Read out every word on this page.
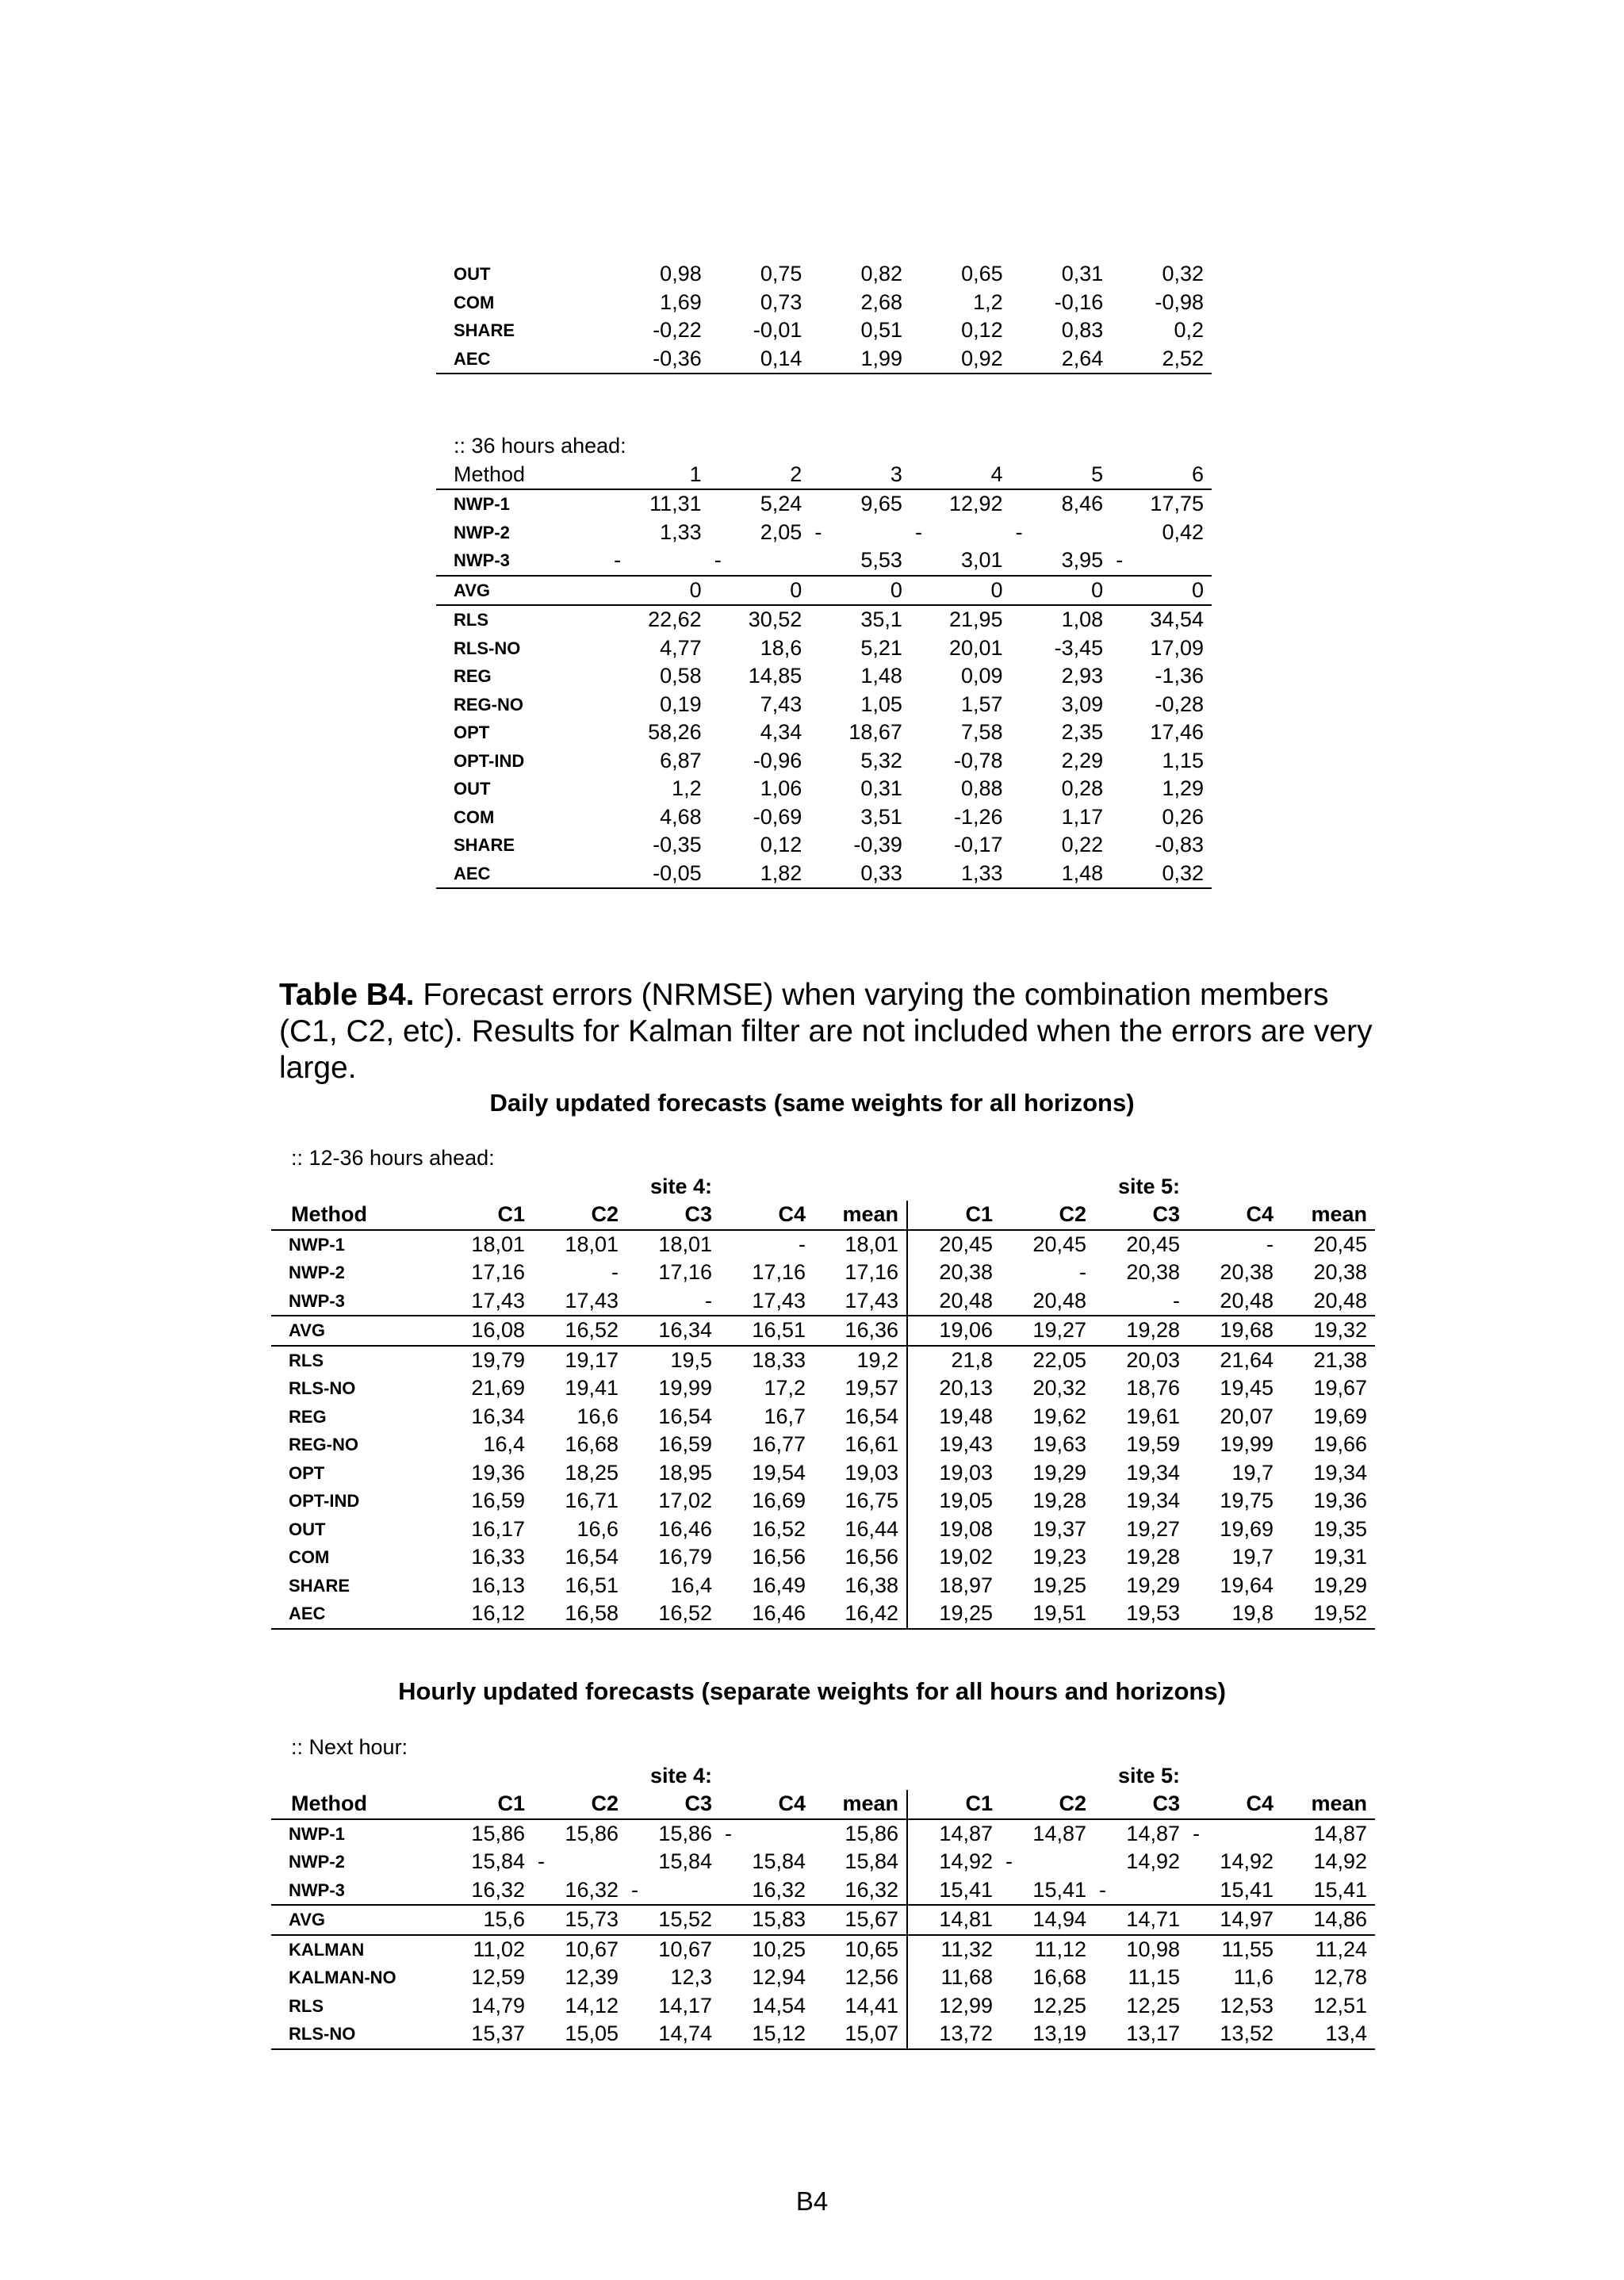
OUT	0,98	0,75	0,82	0,65	0,31	0,32
COM	1,69	0,73	2,68	1,2	-0,16	-0,98
SHARE	-0,22	-0,01	0,51	0,12	0,83	0,2
AEC	-0,36	0,14	1,99	0,92	2,64	2,52
:: 36 hours ahead:						
Method	1	2	3	4	5	6
NWP-1	11,31	5,24	9,65	12,92	8,46	17,75
NWP-2	1,33	2,05	-	-	-	0,42
NWP-3	-	-	5,53	3,01	3,95	-
AVG	0	0	0	0	0	0
RLS	22,62	30,52	35,1	21,95	1,08	34,54
RLS-NO	4,77	18,6	5,21	20,01	-3,45	17,09
REG	0,58	14,85	1,48	0,09	2,93	-1,36
REG-NO	0,19	7,43	1,05	1,57	3,09	-0,28
OPT	58,26	4,34	18,67	7,58	2,35	17,46
OPT-IND	6,87	-0,96	5,32	-0,78	2,29	1,15
OUT	1,2	1,06	0,31	0,88	0,28	1,29
COM	4,68	-0,69	3,51	-1,26	1,17	0,26
SHARE	-0,35	0,12	-0,39	-0,17	0,22	-0,83
AEC	-0,05	1,82	0,33	1,33	1,48	0,32
Table B4. Forecast errors (NRMSE) when varying the combination members (C1, C2, etc). Results for Kalman filter are not included when the errors are very large.
Daily updated forecasts (same weights for all horizons)
:: 12-36 hours ahead:										
			site 4:					site 5:		
Method	C1	C2	C3	C4	mean	C1	C2	C3	C4	mean
NWP-1	18,01	18,01	18,01	-	18,01	20,45	20,45	20,45	-	20,45
NWP-2	17,16	-	17,16	17,16	17,16	20,38	-	20,38	20,38	20,38
NWP-3	17,43	17,43	-	17,43	17,43	20,48	20,48	-	20,48	20,48
AVG	16,08	16,52	16,34	16,51	16,36	19,06	19,27	19,28	19,68	19,32
RLS	19,79	19,17	19,5	18,33	19,2	21,8	22,05	20,03	21,64	21,38
RLS-NO	21,69	19,41	19,99	17,2	19,57	20,13	20,32	18,76	19,45	19,67
REG	16,34	16,6	16,54	16,7	16,54	19,48	19,62	19,61	20,07	19,69
REG-NO	16,4	16,68	16,59	16,77	16,61	19,43	19,63	19,59	19,99	19,66
OPT	19,36	18,25	18,95	19,54	19,03	19,03	19,29	19,34	19,7	19,34
OPT-IND	16,59	16,71	17,02	16,69	16,75	19,05	19,28	19,34	19,75	19,36
OUT	16,17	16,6	16,46	16,52	16,44	19,08	19,37	19,27	19,69	19,35
COM	16,33	16,54	16,79	16,56	16,56	19,02	19,23	19,28	19,7	19,31
SHARE	16,13	16,51	16,4	16,49	16,38	18,97	19,25	19,29	19,64	19,29
AEC	16,12	16,58	16,52	16,46	16,42	19,25	19,51	19,53	19,8	19,52
Hourly updated forecasts (separate weights for all hours and horizons)
:: Next hour:										
			site 4:					site 5:		
Method	C1	C2	C3	C4	mean	C1	C2	C3	C4	mean
NWP-1	15,86	15,86	15,86	-	15,86	14,87	14,87	14,87	-	14,87
NWP-2	15,84	-	15,84	15,84	15,84	14,92	-	14,92	14,92	14,92
NWP-3	16,32	16,32	-	16,32	16,32	15,41	15,41	-	15,41	15,41
AVG	15,6	15,73	15,52	15,83	15,67	14,81	14,94	14,71	14,97	14,86
KALMAN	11,02	10,67	10,67	10,25	10,65	11,32	11,12	10,98	11,55	11,24
KALMAN-NO	12,59	12,39	12,3	12,94	12,56	11,68	16,68	11,15	11,6	12,78
RLS	14,79	14,12	14,17	14,54	14,41	12,99	12,25	12,25	12,53	12,51
RLS-NO	15,37	15,05	14,74	15,12	15,07	13,72	13,19	13,17	13,52	13,4
B4
